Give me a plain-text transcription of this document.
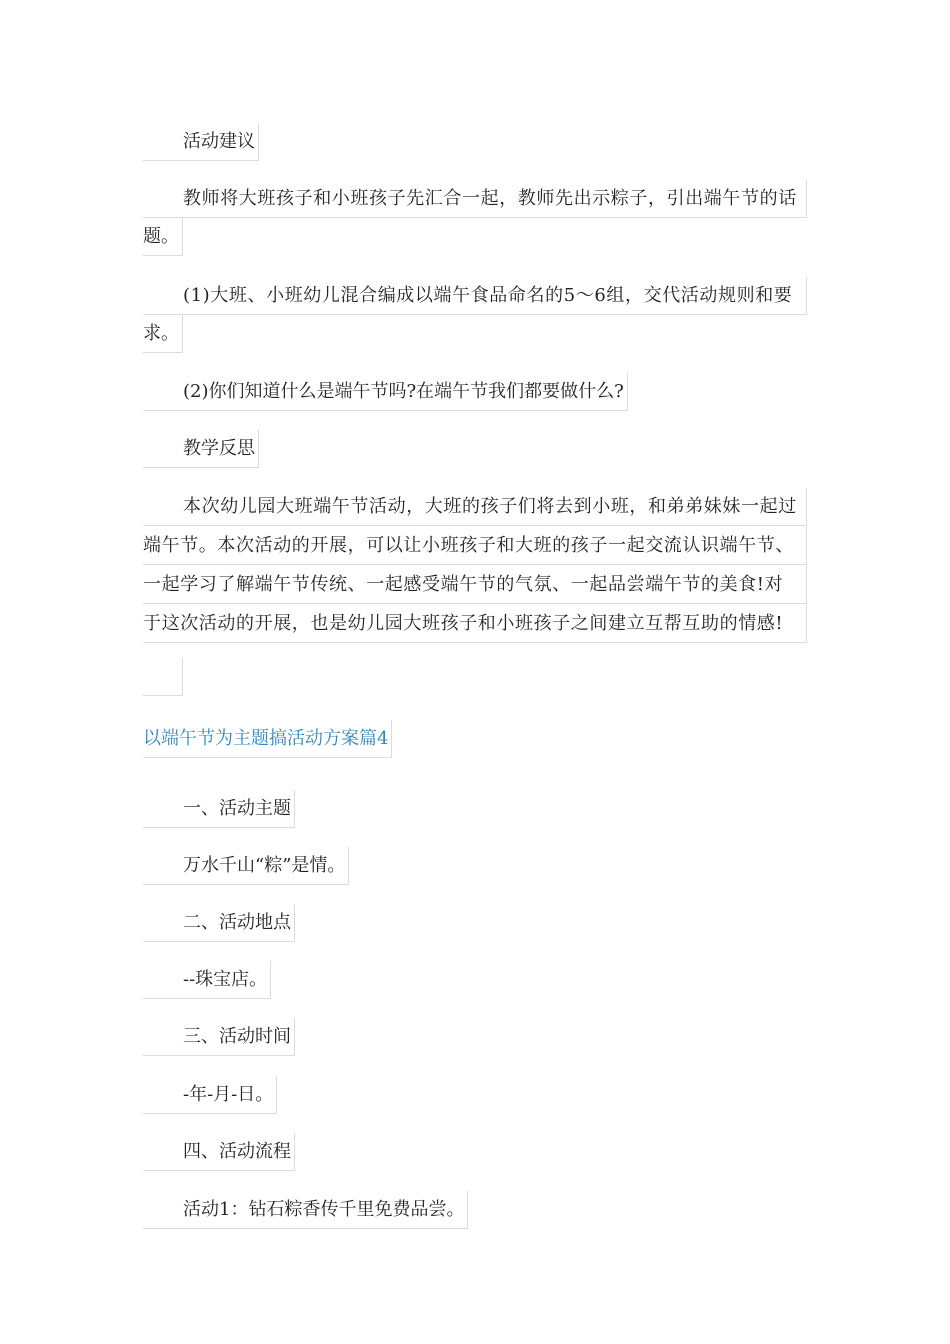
活动建议
教师将大班孩子和小班孩子先汇合一起，教师先出示粽子，引出端午节的话
题。
(1)大班、小班幼儿混合编成以端午食品命名的5～6组，交代活动规则和要
求。
(2)你们知道什么是端午节吗?在端午节我们都要做什么?
教学反思
本次幼儿园大班端午节活动，大班的孩子们将去到小班，和弟弟妹妹一起过
端午节。本次活动的开展，可以让小班孩子和大班的孩子一起交流认识端午节、
一起学习了解端午节传统、一起感受端午节的气氛、一起品尝端午节的美食!对
于这次活动的开展，也是幼儿园大班孩子和小班孩子之间建立互帮互助的情感!
以端午节为主题搞活动方案篇4
一、活动主题
万水千山“粽”是情。
二、活动地点
--珠宝店。
三、活动时间
-年-月-日。
四、活动流程
活动1：钻石粽香传千里免费品尝。
